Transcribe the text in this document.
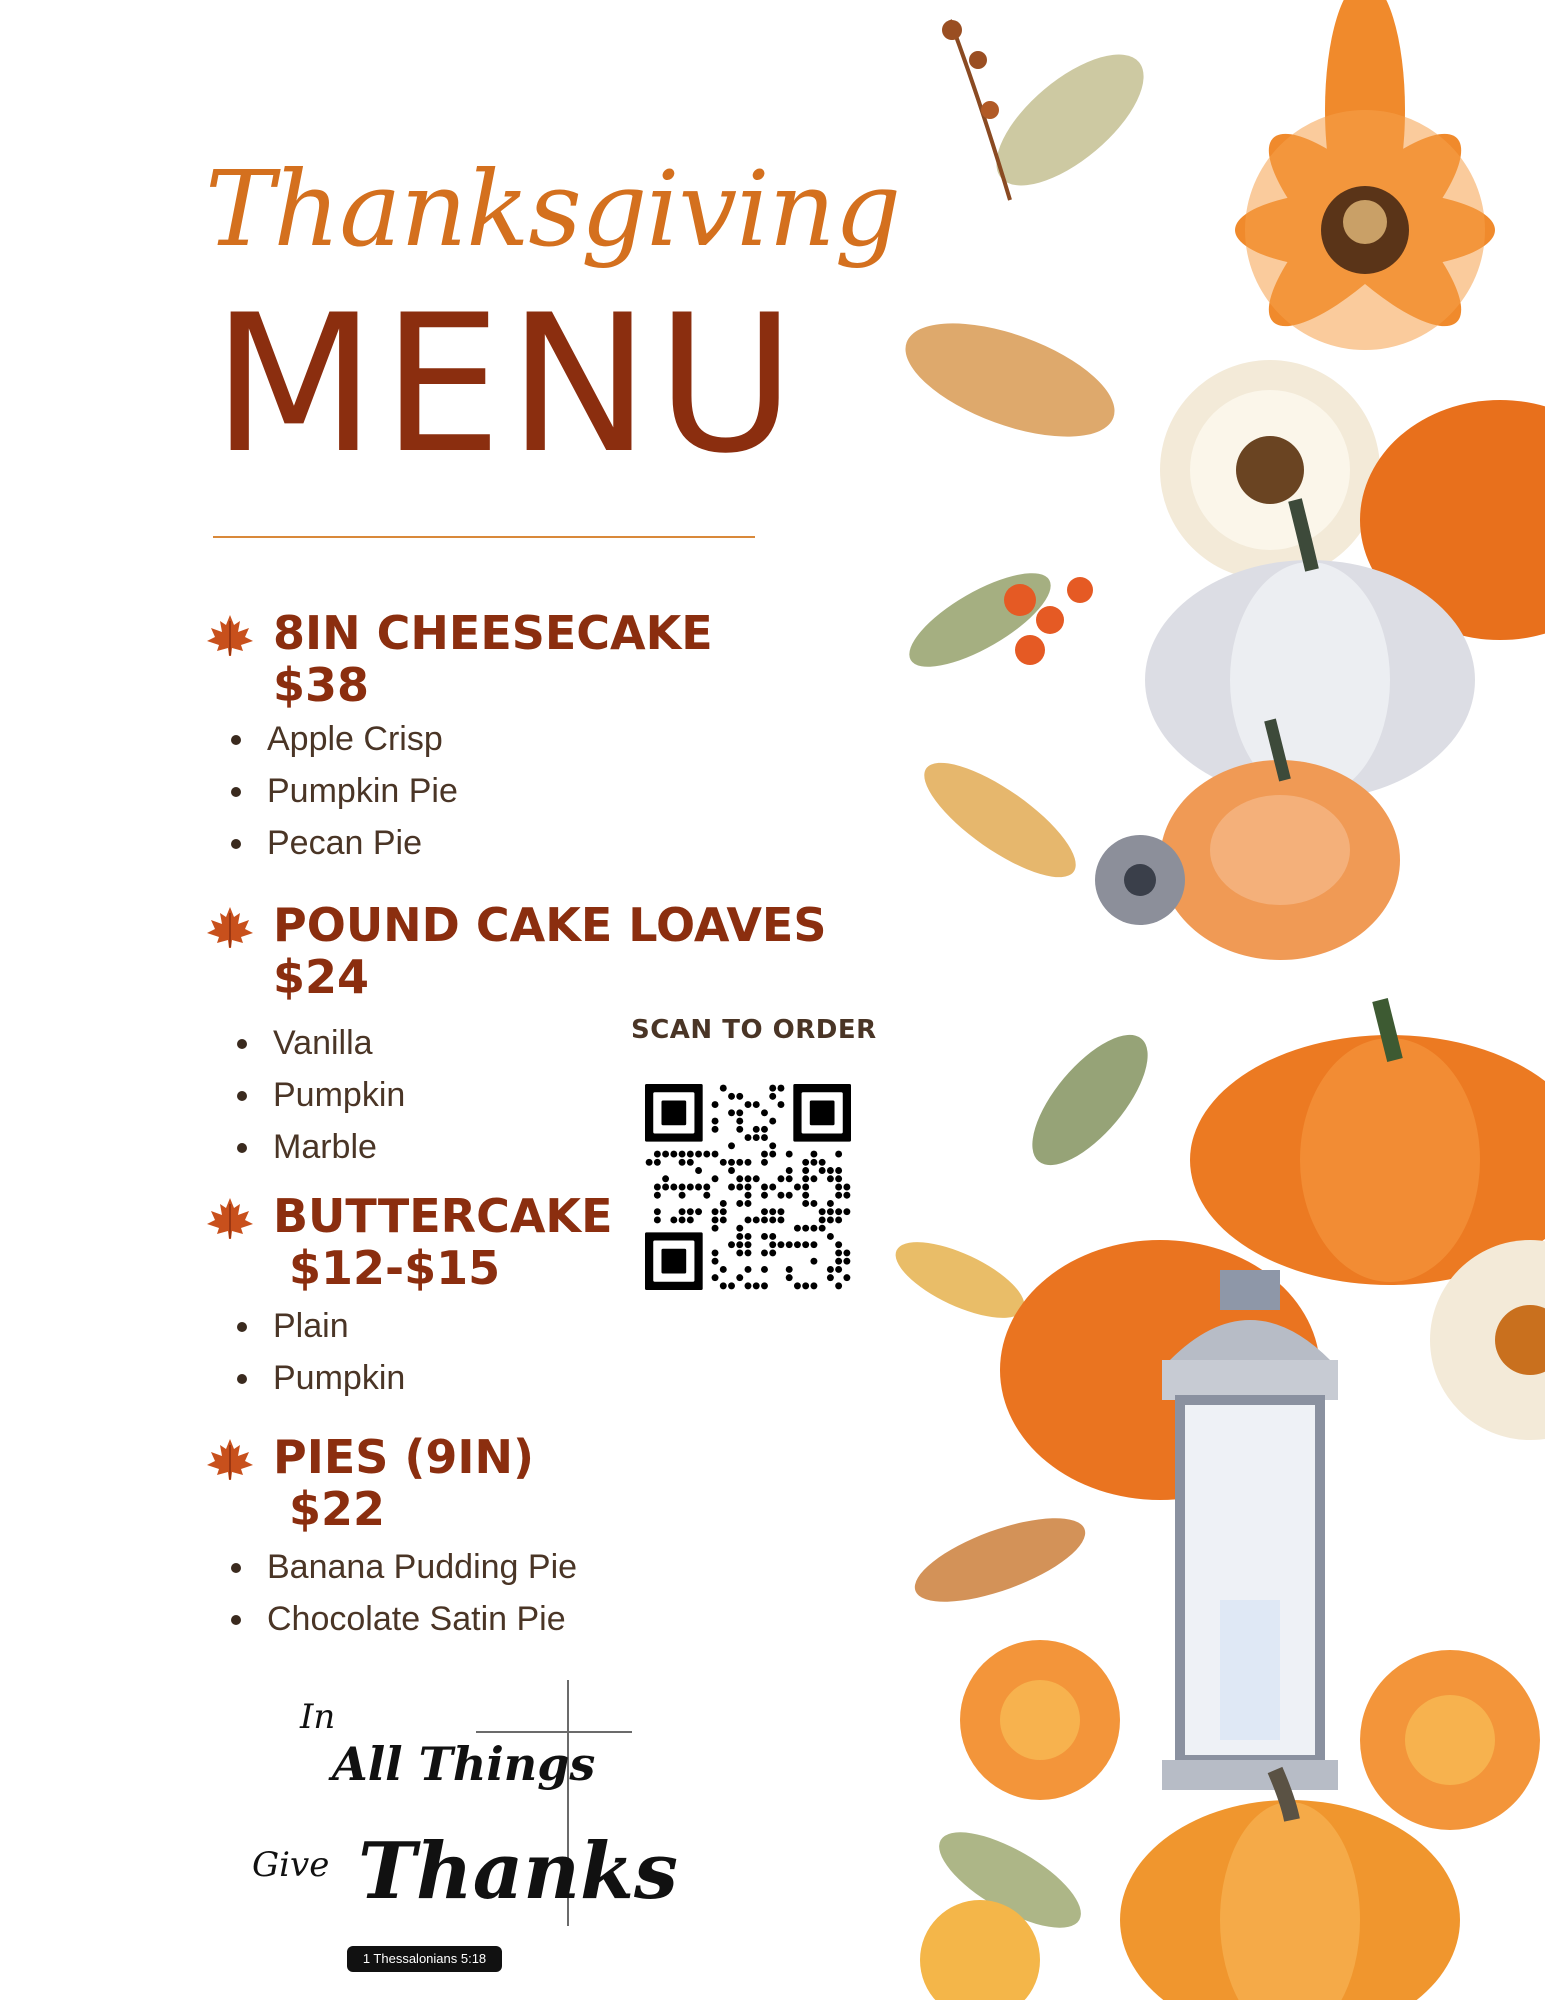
Thanksgiving
MENU
8IN CHEESECAKE
$38
Apple Crisp
Pumpkin Pie
Pecan Pie
POUND CAKE LOAVES
$24
Vanilla
Pumpkin
Marble
BUTTERCAKE
$12-$15
Plain
Pumpkin
PIES (9IN)
$22
Banana Pudding Pie
Chocolate Satin Pie
SCAN TO ORDER
In
All Things
Give Thanks
1 Thessalonians 5:18
